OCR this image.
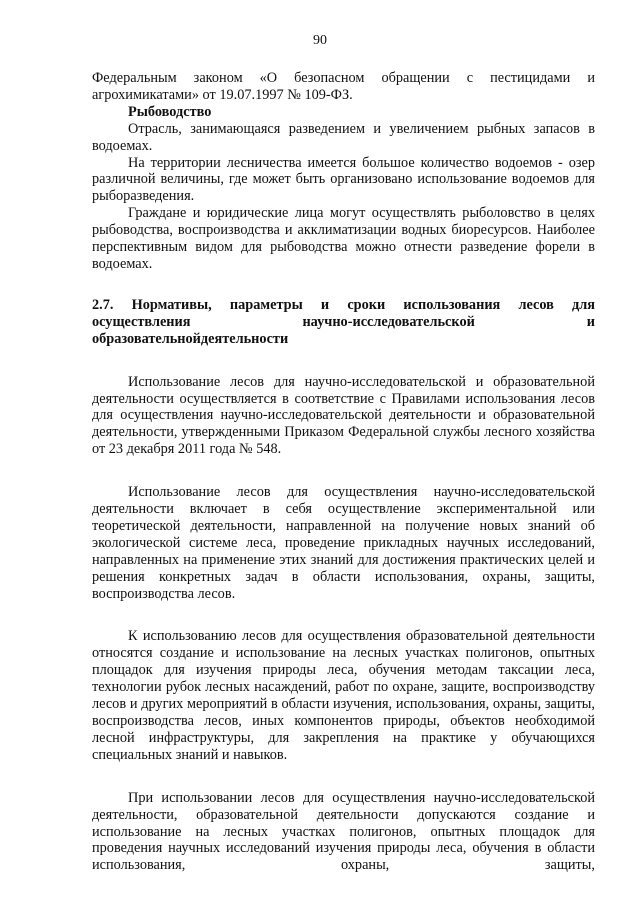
90

Федеральным законом «О безопасном обращении с пестицидами и агрохимикатами» от 19.07.1997 № 109-ФЗ.

Рыбоводство

Отрасль, занимающаяся разведением и увеличением рыбных запасов в водоемах.

На территории лесничества имеется большое количество водоемов - озер различной величины, где может быть организовано использование водоемов для рыборазведения.

Граждане и юридические лица могут осуществлять рыболовство в целях рыбоводства, воспроизводства и акклиматизации водных биоресурсов. Наиболее перспективным видом для рыбоводства можно отнести разведение форели в водоемах.

2.7. Нормативы, параметры и сроки использования лесов для осуществления научно-исследовательской и
образовательнойдеятельности

Использование лесов для научно-исследовательской и образовательной деятельности осуществляется в соответствие с Правилами использования лесов для осуществления научно-исследовательской деятельности и образовательной деятельности, утвержденными Приказом Федеральной службы лесного хозяйства от 23 декабря 2011 года № 548.

Использование лесов для осуществления научно-исследовательской деятельности включает в себя осуществление экспериментальной или теоретической деятельности, направленной на получение новых знаний об экологической системе леса, проведение прикладных научных исследований, направленных на применение этих знаний для достижения практических целей и решения конкретных задач в области использования, охраны, защиты, воспроизводства лесов.

К использованию лесов для осуществления образовательной деятельности относятся создание и использование на лесных участках полигонов, опытных площадок для изучения природы леса, обучения методам таксации леса, технологии рубок лесных насаждений, работ по охране, защите, воспроизводству лесов и других мероприятий в области изучения, использования, охраны, защиты, воспроизводства лесов, иных компонентов природы, объектов необходимой лесной инфраструктуры, для закрепления на практике у обучающихся специальных знаний и навыков.

При использовании лесов для осуществления научно-исследовательской деятельности, образовательной деятельности допускаются создание и использование на лесных участках полигонов, опытных площадок для проведения научных исследований изучения природы леса, обучения в области использования, охраны, защиты,
